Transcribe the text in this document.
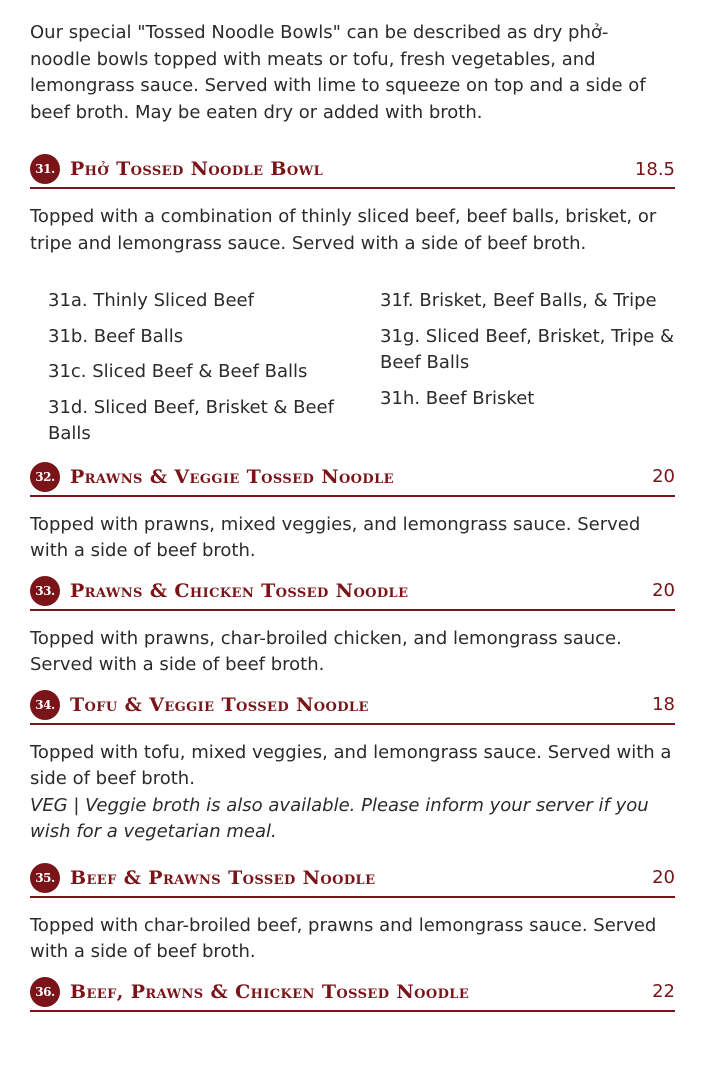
Our special "Tossed Noodle Bowls" can be described as dry phở- noodle bowls topped with meats or tofu, fresh vegetables, and lemongrass sauce. Served with lime to squeeze on top and a side of beef broth. May be eaten dry or added with broth.

31. Phở Tossed Noodle Bowl	18.5

Topped with a combination of thinly sliced beef, beef balls, brisket, or tripe and lemongrass sauce. Served with a side of beef broth.

31a. Thinly Sliced Beef
31b. Beef Balls
31c. Sliced Beef & Beef Balls
31d. Sliced Beef, Brisket & Beef Balls
31f. Brisket, Beef Balls, & Tripe
31g. Sliced Beef, Brisket, Tripe & Beef Balls
31h. Beef Brisket
32. Prawns & Veggie Tossed Noodle	20

Topped with prawns, mixed veggies, and lemongrass sauce. Served with a side of beef broth.

33. Prawns & Chicken Tossed Noodle	20

Topped with prawns, char-broiled chicken, and lemongrass sauce. Served with a side of beef broth.

34. Tofu & Veggie Tossed Noodle	18

Topped with tofu, mixed veggies, and lemongrass sauce. Served with a side of beef broth.

VEG | Veggie broth is also available. Please inform your server if you wish for a vegetarian meal.

35. Beef & Prawns Tossed Noodle	20

Topped with char-broiled beef, prawns and lemongrass sauce. Served with a side of beef broth.

36. Beef, Prawns & Chicken Tossed Noodle	22
